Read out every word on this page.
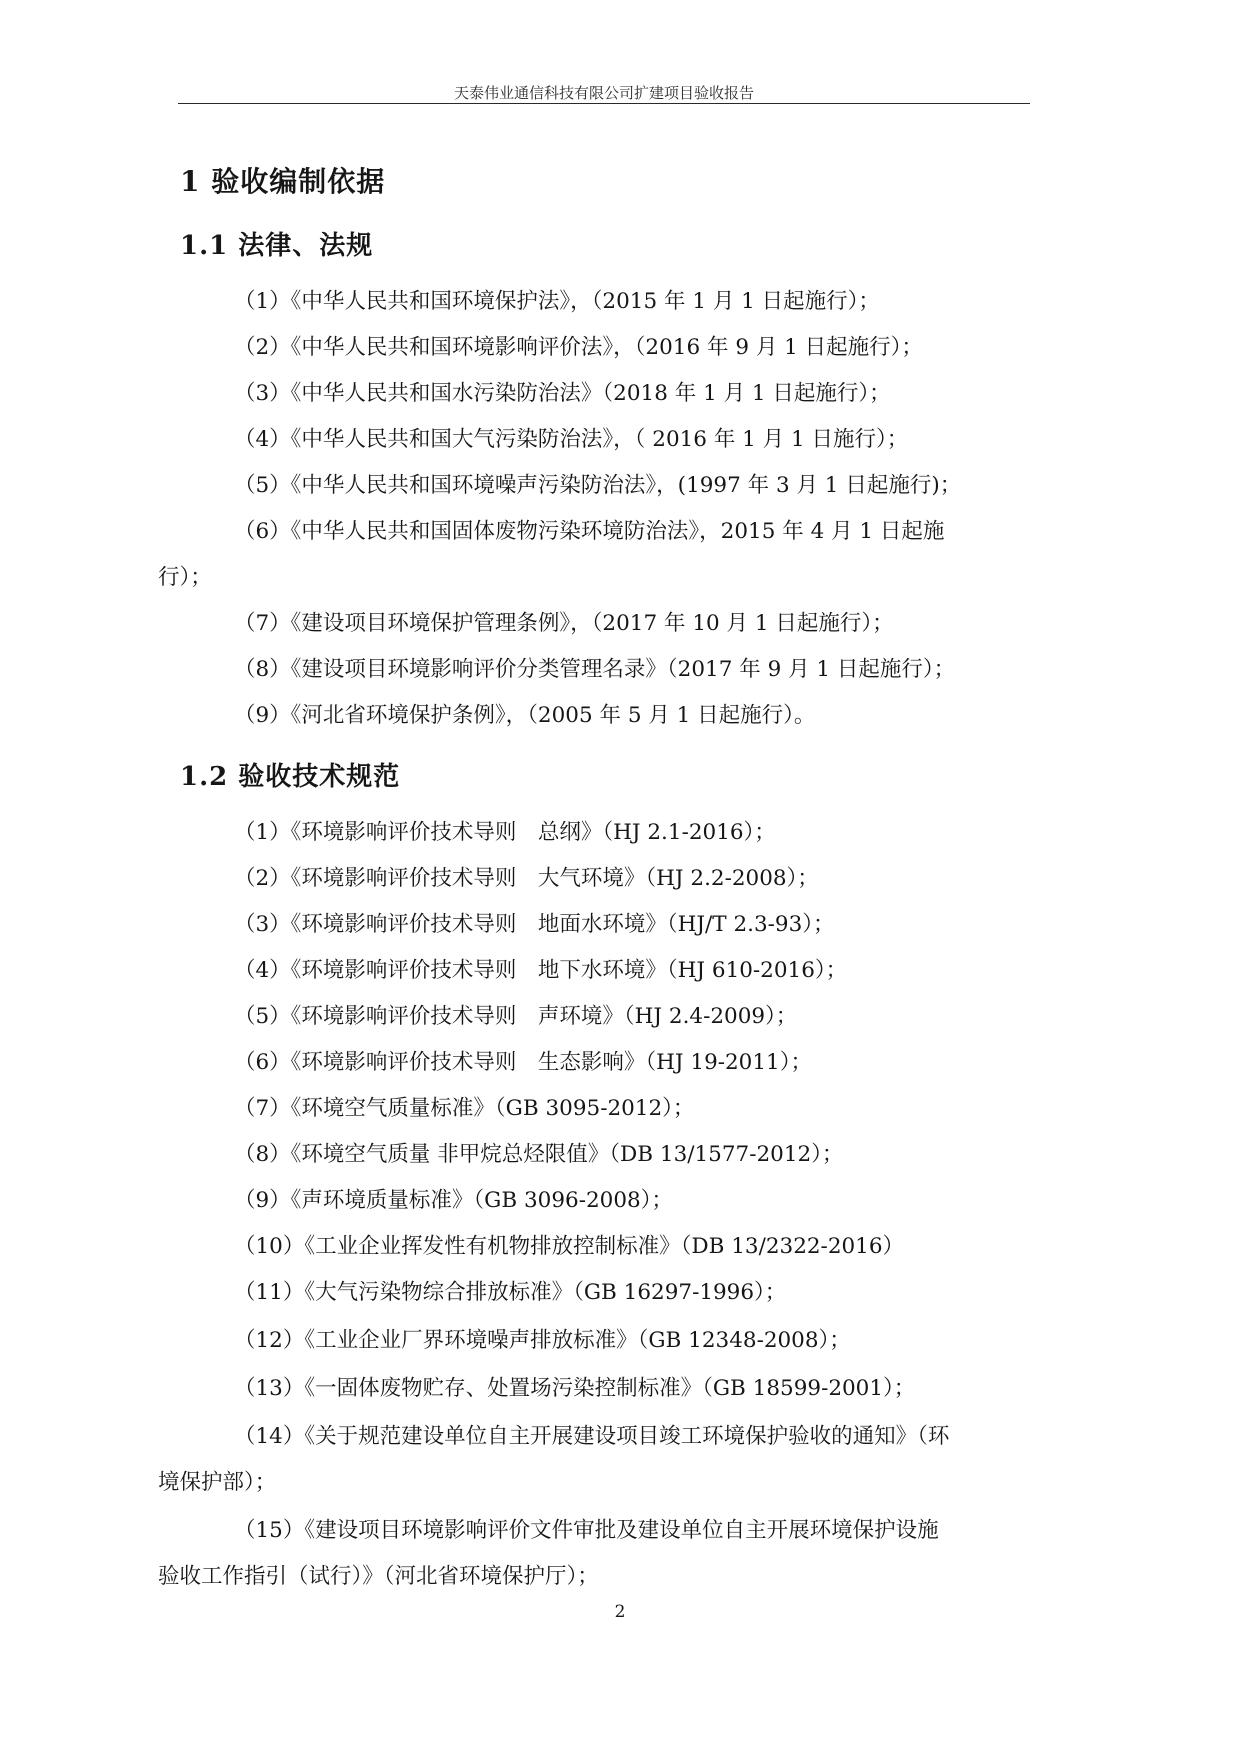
天泰伟业通信科技有限公司扩建项目验收报告
1 验收编制依据
1.1 法律、法规
（1）《中华人民共和国环境保护法》，（2015 年 1 月 1 日起施行）；
（2）《中华人民共和国环境影响评价法》，（2016 年 9 月 1 日起施行）；
（3）《中华人民共和国水污染防治法》（2018 年 1 月 1 日起施行）；
（4）《中华人民共和国大气污染防治法》，（ 2016 年 1 月 1 日施行）；
（5）《中华人民共和国环境噪声污染防治法》，(1997 年 3 月 1 日起施行)；
（6）《中华人民共和国固体废物污染环境防治法》，2015 年 4 月 1 日起施
行）；
（7）《建设项目环境保护管理条例》，（2017 年 10 月 1 日起施行）；
（8）《建设项目环境影响评价分类管理名录》（2017 年 9 月 1 日起施行）；
（9）《河北省环境保护条例》，（2005 年 5 月 1 日起施行）。
1.2 验收技术规范
（1）《环境影响评价技术导则　总纲》（HJ 2.1-2016）；
（2）《环境影响评价技术导则　大气环境》（HJ 2.2-2008）；
（3）《环境影响评价技术导则　地面水环境》（HJ/T 2.3-93）；
（4）《环境影响评价技术导则　地下水环境》（HJ 610-2016）；
（5）《环境影响评价技术导则　声环境》（HJ 2.4-2009）；
（6）《环境影响评价技术导则　生态影响》（HJ 19-2011）；
（7）《环境空气质量标准》（GB 3095-2012）；
（8）《环境空气质量 非甲烷总烃限值》（DB 13/1577-2012）；
（9）《声环境质量标准》（GB 3096-2008）；
（10）《工业企业挥发性有机物排放控制标准》（DB 13/2322-2016）
（11）《大气污染物综合排放标准》（GB 16297-1996）；
（12）《工业企业厂界环境噪声排放标准》（GB 12348-2008）；
（13）《一固体废物贮存、处置场污染控制标准》（GB 18599-2001）；
（14）《关于规范建设单位自主开展建设项目竣工环境保护验收的通知》（环
境保护部）；
（15）《建设项目环境影响评价文件审批及建设单位自主开展环境保护设施
验收工作指引（试行）》（河北省环境保护厅）；
2
